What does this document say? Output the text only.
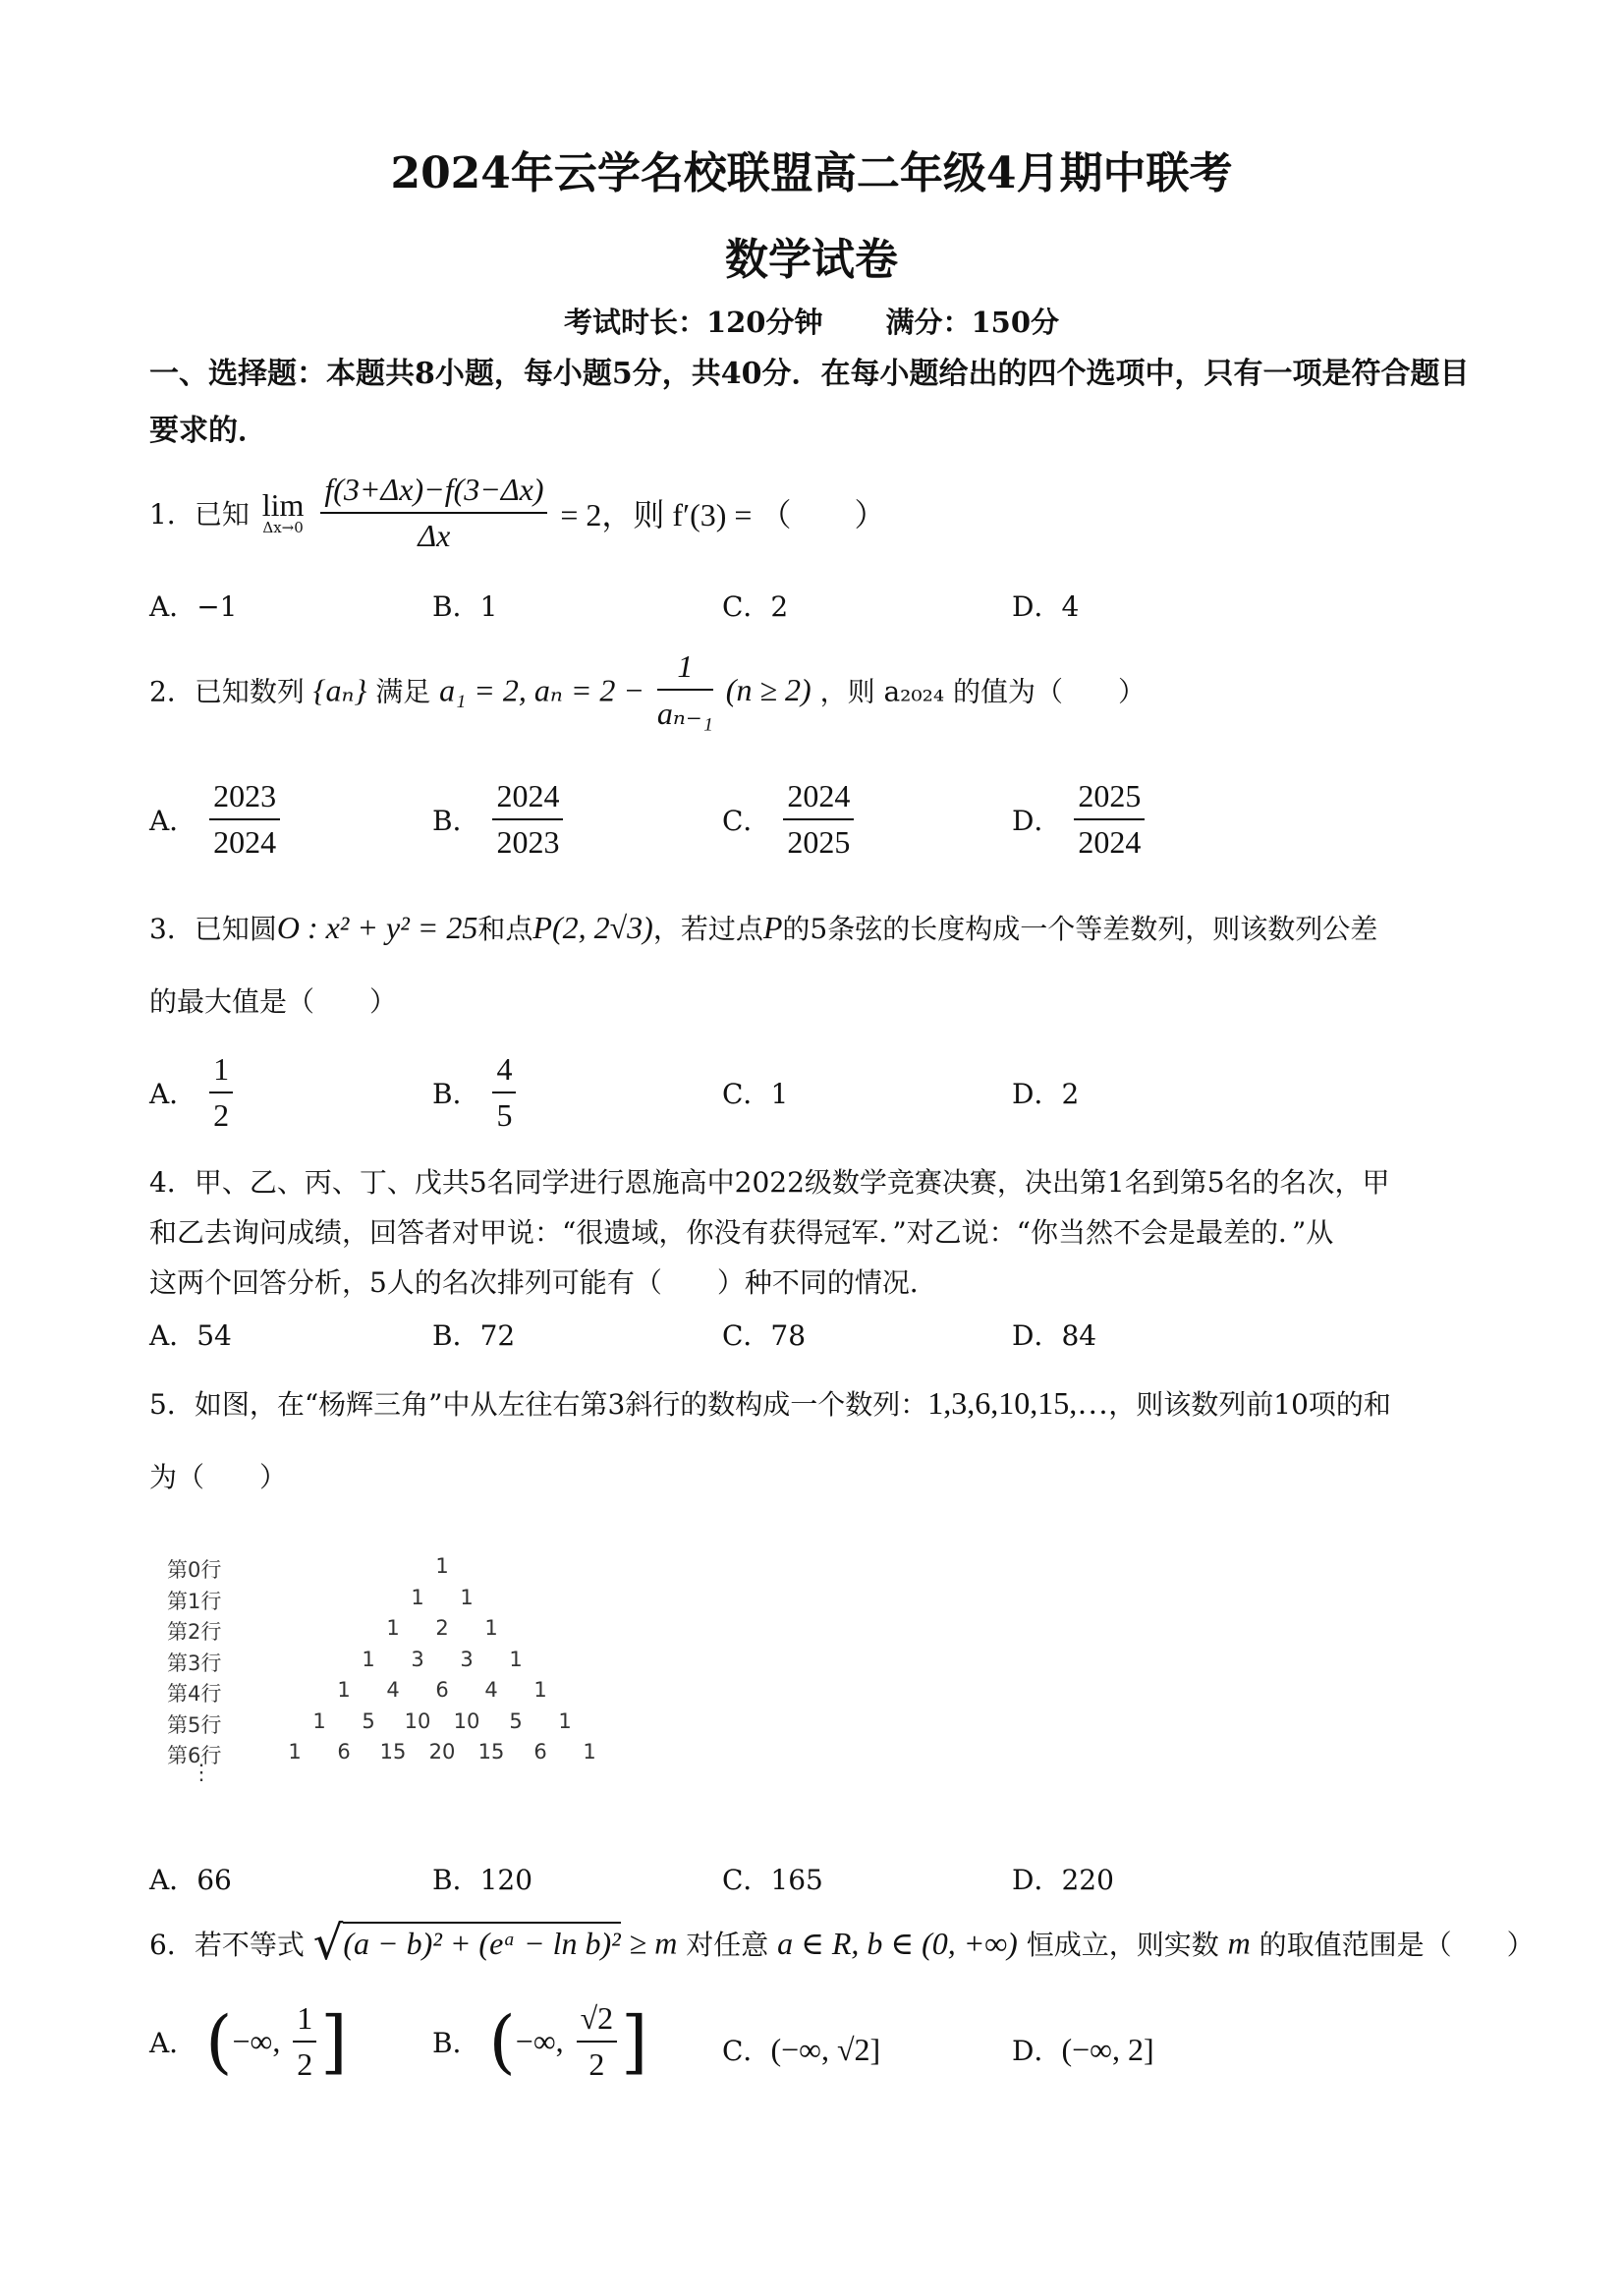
2024年云学名校联盟高二年级4月期中联考
数学试卷
考试时长：120分钟 满分：150分
一、选择题：本题共8小题，每小题5分，共40分．在每小题给出的四个选项中，只有一项是符合题目要求的．
1．已知 lim
Δx→0
$\frac{f(3+\Delta x)-f(3-\Delta x)}{\Delta x} = 2$，则 f′(3) = （　　）
A．−1	B．1	C．2	D．4
2．已知数列 {aₙ} 满足 a₁ = 2, $a_n = 2 - \frac{1}{\text{aₙ₋₁}} (n \ge 2)$ ，则 a₂₀₂₄ 的值为（　　）
A． $\frac{2023}{2024}$	B． $\frac{2024}{2023}$	C． $\frac{2024}{2025}$	D． $\frac{2025}{2024}$
3．已知圆O : x² + y² = 25和点P(2, 2√3)，若过点P的5条弦的长度构成一个等差数列，则该数列公差
的最大值是（　　）
A． $\frac{1}{2}$	B． $\frac{4}{5}$	C．1	D．2
4．甲、乙、丙、丁、戊共5名同学进行恩施高中2022级数学竞赛决赛，决出第1名到第5名的名次，甲
和乙去询问成绩，回答者对甲说：“很遗域，你没有获得冠军．”对乙说：“你当然不会是最差的．”从
这两个回答分析，5人的名次排列可能有（　　）种不同的情况．
A．54	B．72	C．78	D．84
5．如图，在“杨辉三角”中从左往右第3斜行的数构成一个数列：1,3,6,10,15,…，则该数列前10项的和
为（　　）
第0行	1
第1行	1	1
第2行	1	2	1
第3行	1	3	3	1
第4行	1	4	6	4	1
第5行	1	5	10	10	5	1
第6行	1	6	15	20	15	6	1
⋮
A．66	B．120	C．165	D．220
6．若不等式 √(a − b)² + (eᵃ − ln b)² ≥ m 对任意 a ∈ R, b ∈ (0, +∞) 恒成立，则实数 m 的取值范围是（　　）
A． (−∞, $\frac{1}{2}$ ]	B． (−∞, $\frac{√2}{2}$ ]	C．(−∞, √2]	D．(−∞, 2]
